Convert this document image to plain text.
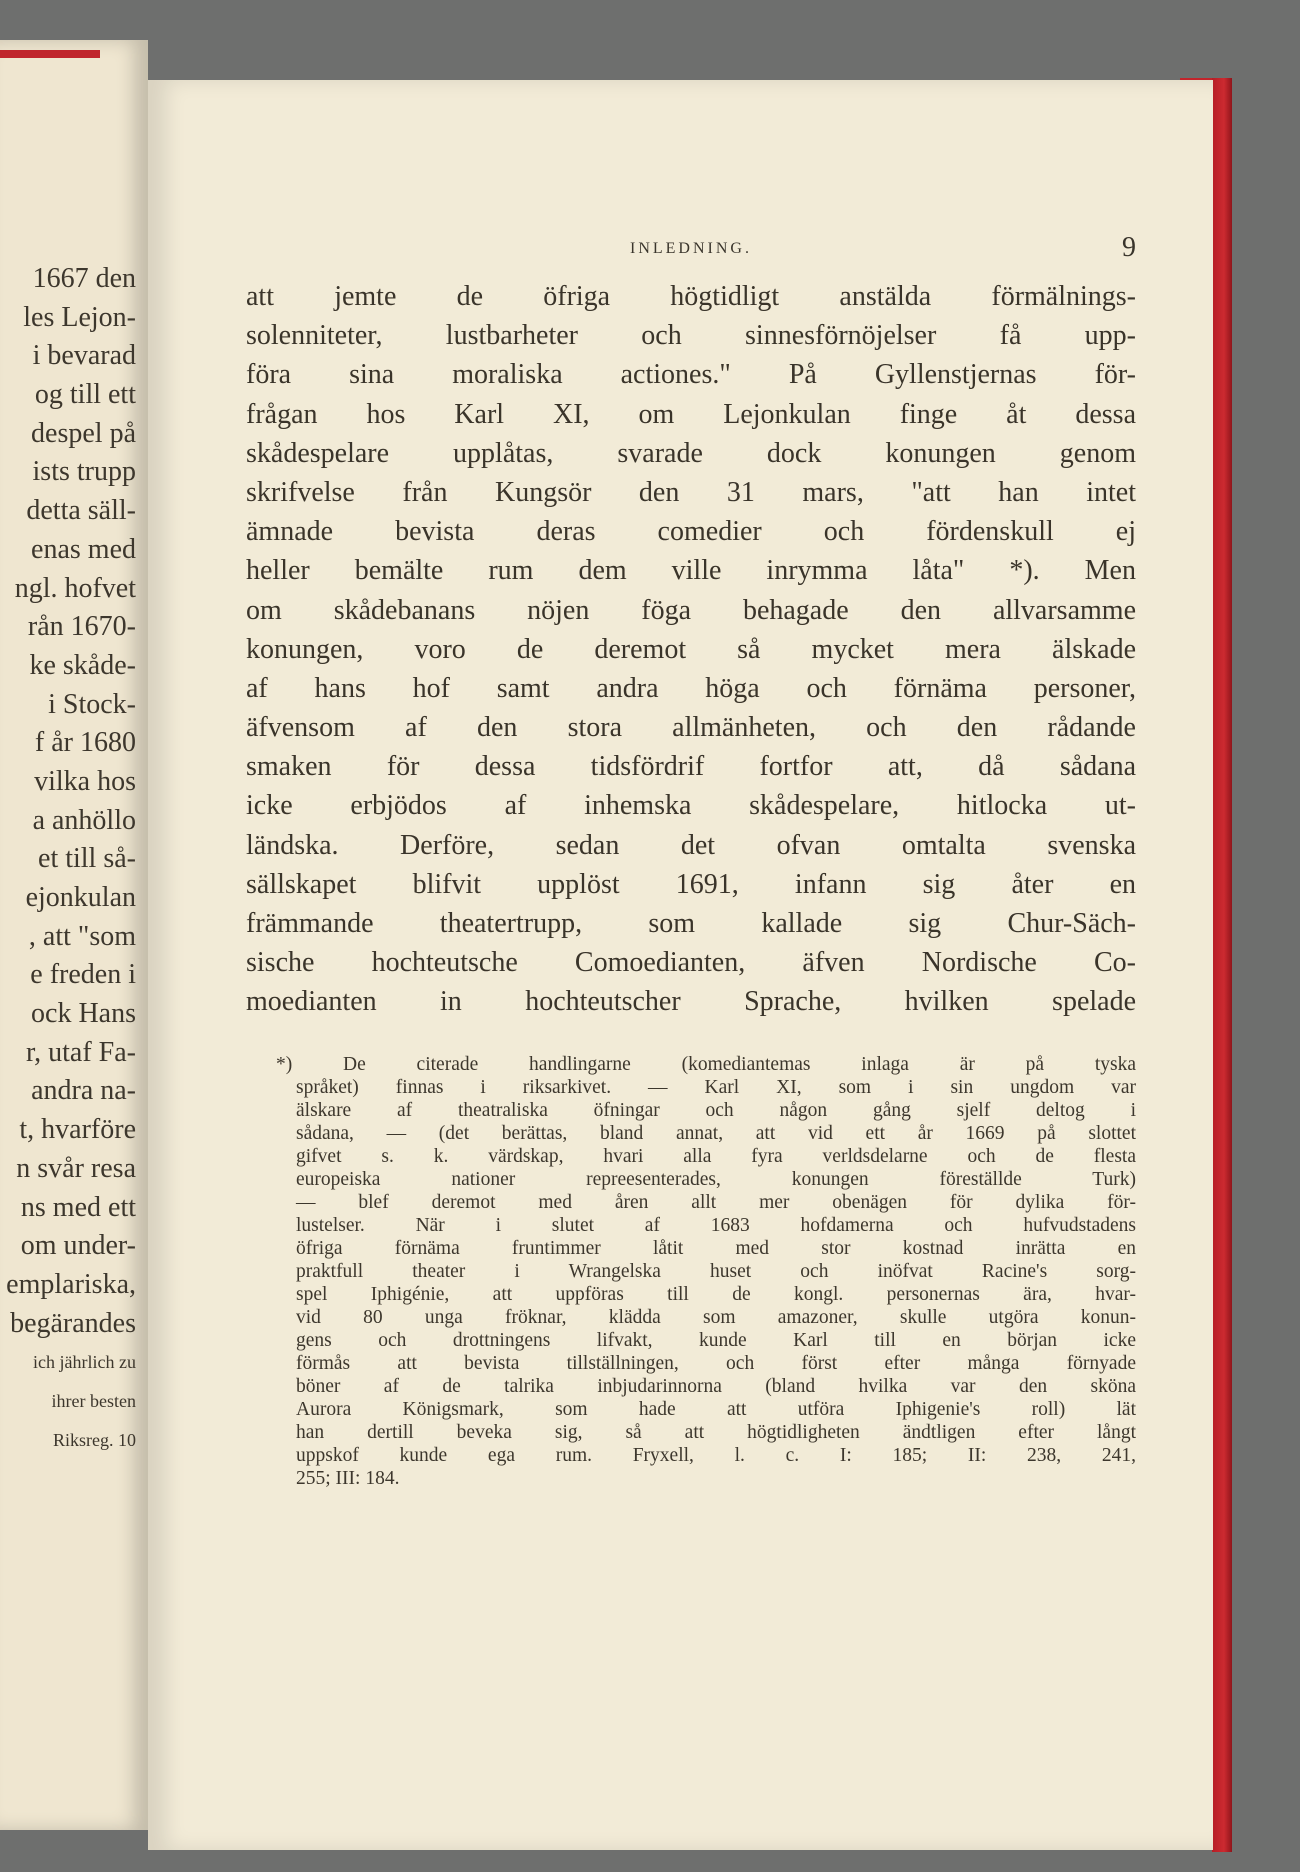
1667 den
les Lejon-
i bevarad
og till ett
despel på
ists trupp
detta säll-
enas med
ngl. hofvet
rån 1670-
ke skåde-
i Stock-
f år 1680
vilka hos
a anhöllo
et till så-
ejonkulan
, att "som
e freden i
ock Hans
r, utaf Fa-
andra na-
t, hvarföre
n svår resa
ns med ett
om under-
emplariska,
begärandes
ich jährlich zu
ihrer besten
Riksreg. 10
INLEDNING.	9
att jemte de öfriga högtidligt anstälda förmälnings-
solenniteter, lustbarheter och sinnesförnöjelser få upp-
föra sina moraliska actiones." På Gyllenstjernas för-
frågan hos Karl XI, om Lejonkulan finge åt dessa
skådespelare upplåtas, svarade dock konungen genom
skrifvelse från Kungsör den 31 mars, "att han intet
ämnade bevista deras comedier och fördenskull ej
heller bemälte rum dem ville inrymma låta" *). Men
om skådebanans nöjen föga behagade den allvarsamme
konungen, voro de deremot så mycket mera älskade
af hans hof samt andra höga och förnäma personer,
äfvensom af den stora allmänheten, och den rådande
smaken för dessa tidsfördrif fortfor att, då sådana
icke erbjödos af inhemska skådespelare, hitlocka ut-
ländska. Derföre, sedan det ofvan omtalta svenska
sällskapet blifvit upplöst 1691, infann sig åter en
främmande theatertrupp, som kallade sig Chur-Säch-
sische hochteutsche Comoedianten, äfven Nordische Co-
moedianten in hochteutscher Sprache, hvilken spelade
*) De citerade handlingarne (komediantemas inlaga är på tyska
språket) finnas i riksarkivet. — Karl XI, som i sin ungdom var
älskare af theatraliska öfningar och någon gång sjelf deltog i
sådana, — (det berättas, bland annat, att vid ett år 1669 på slottet
gifvet s. k. värdskap, hvari alla fyra verldsdelarne och de flesta
europeiska nationer repreesenterades, konungen föreställde Turk)
— blef deremot med åren allt mer obenägen för dylika för-
lustelser. När i slutet af 1683 hofdamerna och hufvudstadens
öfriga förnäma fruntimmer låtit med stor kostnad inrätta en
praktfull theater i Wrangelska huset och inöfvat Racine's sorg-
spel Iphigénie, att uppföras till de kongl. personernas ära, hvar-
vid 80 unga fröknar, klädda som amazoner, skulle utgöra konun-
gens och drottningens lifvakt, kunde Karl till en början icke
förmås att bevista tillställningen, och först efter många förnyade
böner af de talrika inbjudarinnorna (bland hvilka var den sköna
Aurora Königsmark, som hade att utföra Iphigenie's roll) lät
han dertill beveka sig, så att högtidligheten ändtligen efter långt
uppskof kunde ega rum. Fryxell, l. c. I: 185; II: 238, 241,
255; III: 184.
